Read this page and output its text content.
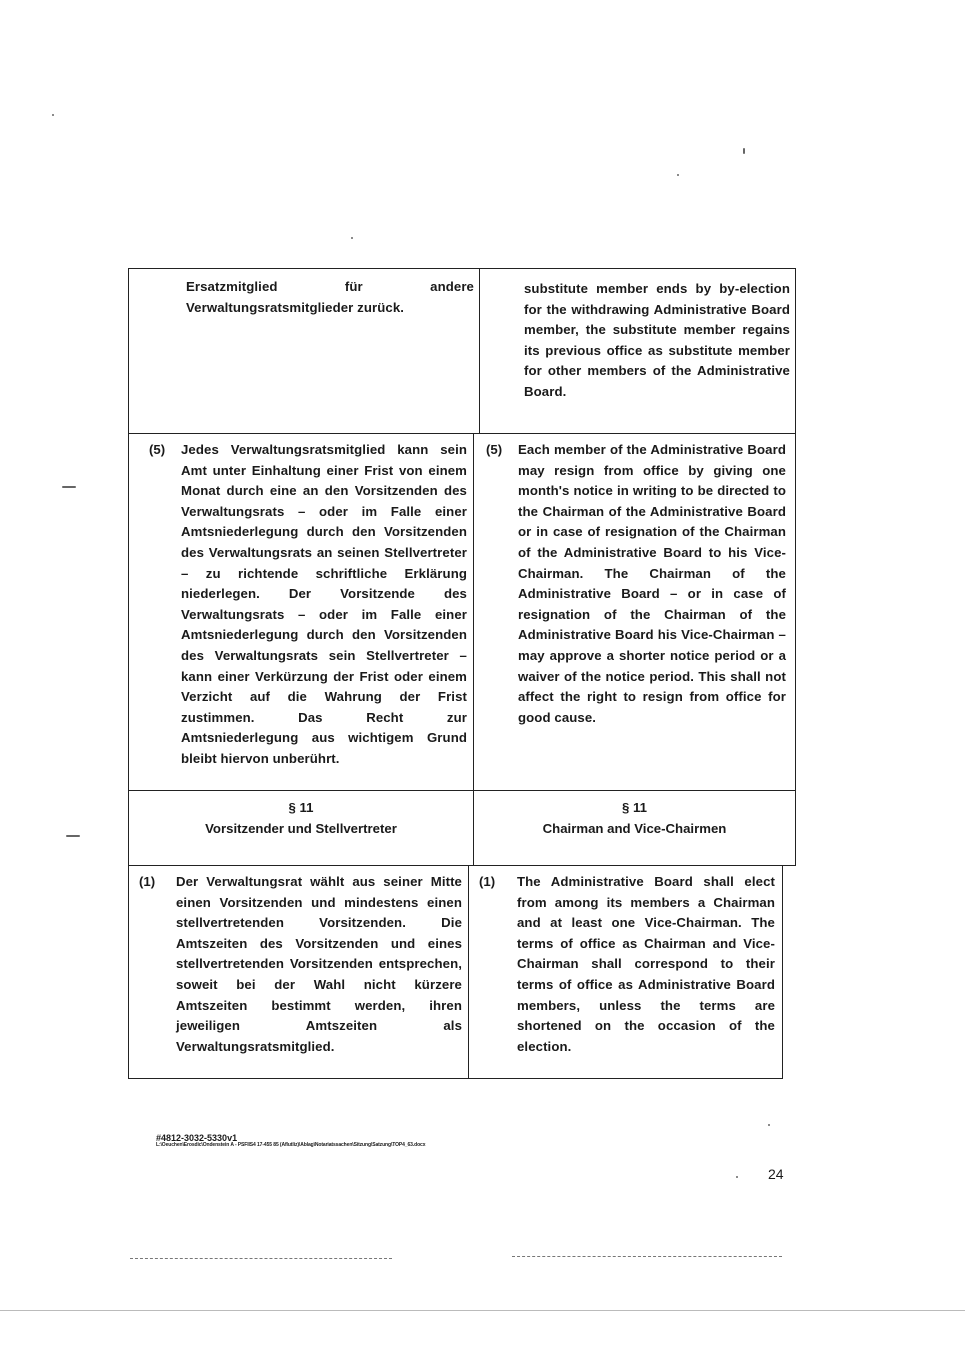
Ersatzmitglied für andere Verwaltungsratsmitglieder zurück.
substitute member ends by by-election for the withdrawing Administrative Board member, the substitute member regains its previous office as substitute member for other members of the Administrative Board.
(5) Jedes Verwaltungsratsmitglied kann sein Amt unter Einhaltung einer Frist von einem Monat durch eine an den Vorsitzenden des Verwaltungsrats – oder im Falle einer Amtsniederlegung durch den Vorsitzenden des Verwaltungsrats an seinen Stellvertreter – zu richtende schriftliche Erklärung niederlegen. Der Vorsitzende des Verwaltungsrats – oder im Falle einer Amtsniederlegung durch den Vorsitzenden des Verwaltungsrats sein Stellvertreter – kann einer Verkürzung der Frist oder einem Verzicht auf die Wahrung der Frist zustimmen. Das Recht zur Amtsniederlegung aus wichtigem Grund bleibt hiervon unberührt.
(5) Each member of the Administrative Board may resign from office by giving one month's notice in writing to be directed to the Chairman of the Administrative Board or in case of resignation of the Chairman of the Administrative Board to his Vice-Chairman. The Chairman of the Administrative Board – or in case of resignation of the Chairman of the Administrative Board his Vice-Chairman – may approve a shorter notice period or a waiver of the notice period. This shall not affect the right to resign from office for good cause.
§ 11
Vorsitzender und Stellvertreter
§ 11
Chairman and Vice-Chairmen
(1) Der Verwaltungsrat wählt aus seiner Mitte einen Vorsitzenden und mindestens einen stellvertretenden Vorsitzenden. Die Amtszeiten des Vorsitzenden und eines stellvertretenden Vorsitzenden entsprechen, soweit bei der Wahl nicht kürzere Amtszeiten bestimmt werden, ihren jeweiligen Amtszeiten als Verwaltungsratsmitglied.
(1) The Administrative Board shall elect from among its members a Chairman and at least one Vice-Chairman. The terms of office as Chairman and Vice-Chairman shall correspond to their terms of office as Administrative Board members, unless the terms are shortened on the occasion of the election.
#4812-3032-5330v1
L:\Oeuchen\Erosdic\Ondenstein A - PSFIIS4 17-455 85 (Aflutliz)\Ablag\Notariatssachen\Sitzung\Satzung\TOP4_63.docx
24
